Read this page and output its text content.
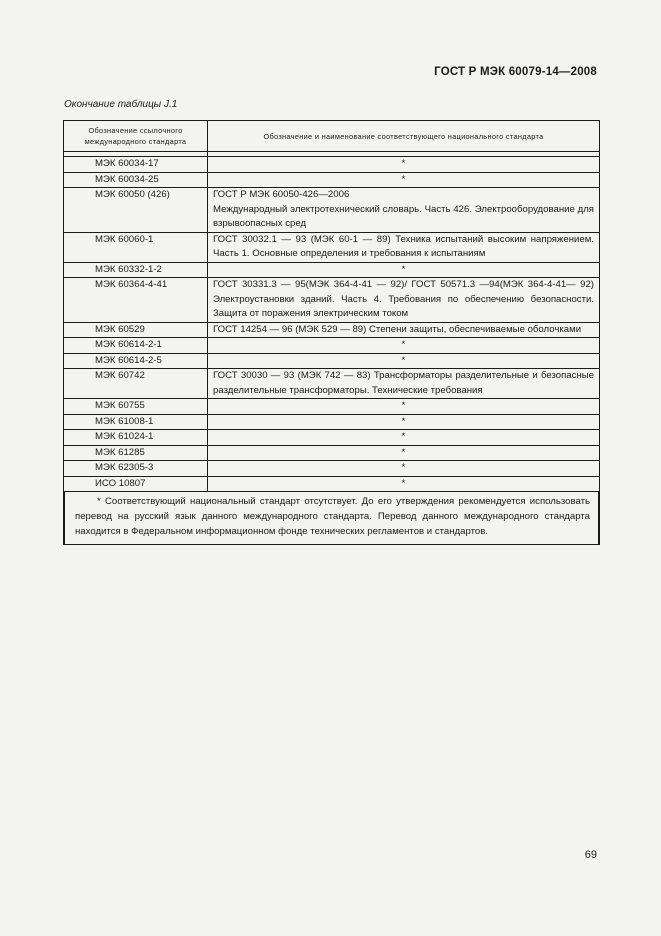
ГОСТ Р МЭК 60079-14—2008
Окончание таблицы J.1
Обозначение ссылочного международного стандарта	Обозначение и наименование соответствующего национального стандарта

МЭК 60034-17	*
МЭК 60034-25	*
МЭК 60050 (426)	ГОСТ Р МЭК 60050-426—2006
Международный электротехнический словарь. Часть 426. Электрооборудование для взрывоопасных сред
МЭК 60060-1	ГОСТ 30032.1 — 93 (МЭК 60-1 — 89) Техника испытаний высоким напряжением. Часть 1. Основные определения и требования к испытаниям
МЭК 60332-1-2	*
МЭК 60364-4-41	ГОСТ 30331.3 — 95(МЭК 364-4-41 — 92)/ ГОСТ 50571.3 —94(МЭК 364-4-41— 92) Электроустановки зданий. Часть 4. Требования по обеспечению безопасности. Защита от поражения электрическим током
МЭК 60529	ГОСТ 14254 — 96 (МЭК 529 — 89) Степени защиты, обеспечиваемые оболочками
МЭК 60614-2-1	*
МЭК 60614-2-5	*
МЭК 60742	ГОСТ 30030 — 93 (МЭК 742 — 83) Трансформаторы разделительные и безопасные разделительные трансформаторы. Технические требования
МЭК 60755	*
МЭК 61008-1	*
МЭК 61024-1	*
МЭК 61285	*
МЭК 62305-3	*
ИСО 10807	*
* Соответствующий национальный стандарт отсутствует. До его утверждения рекомендуется использовать перевод на русский язык данного международного стандарта. Перевод данного международного стандарта находится в Федеральном информационном фонде технических регламентов и стандартов.
69
